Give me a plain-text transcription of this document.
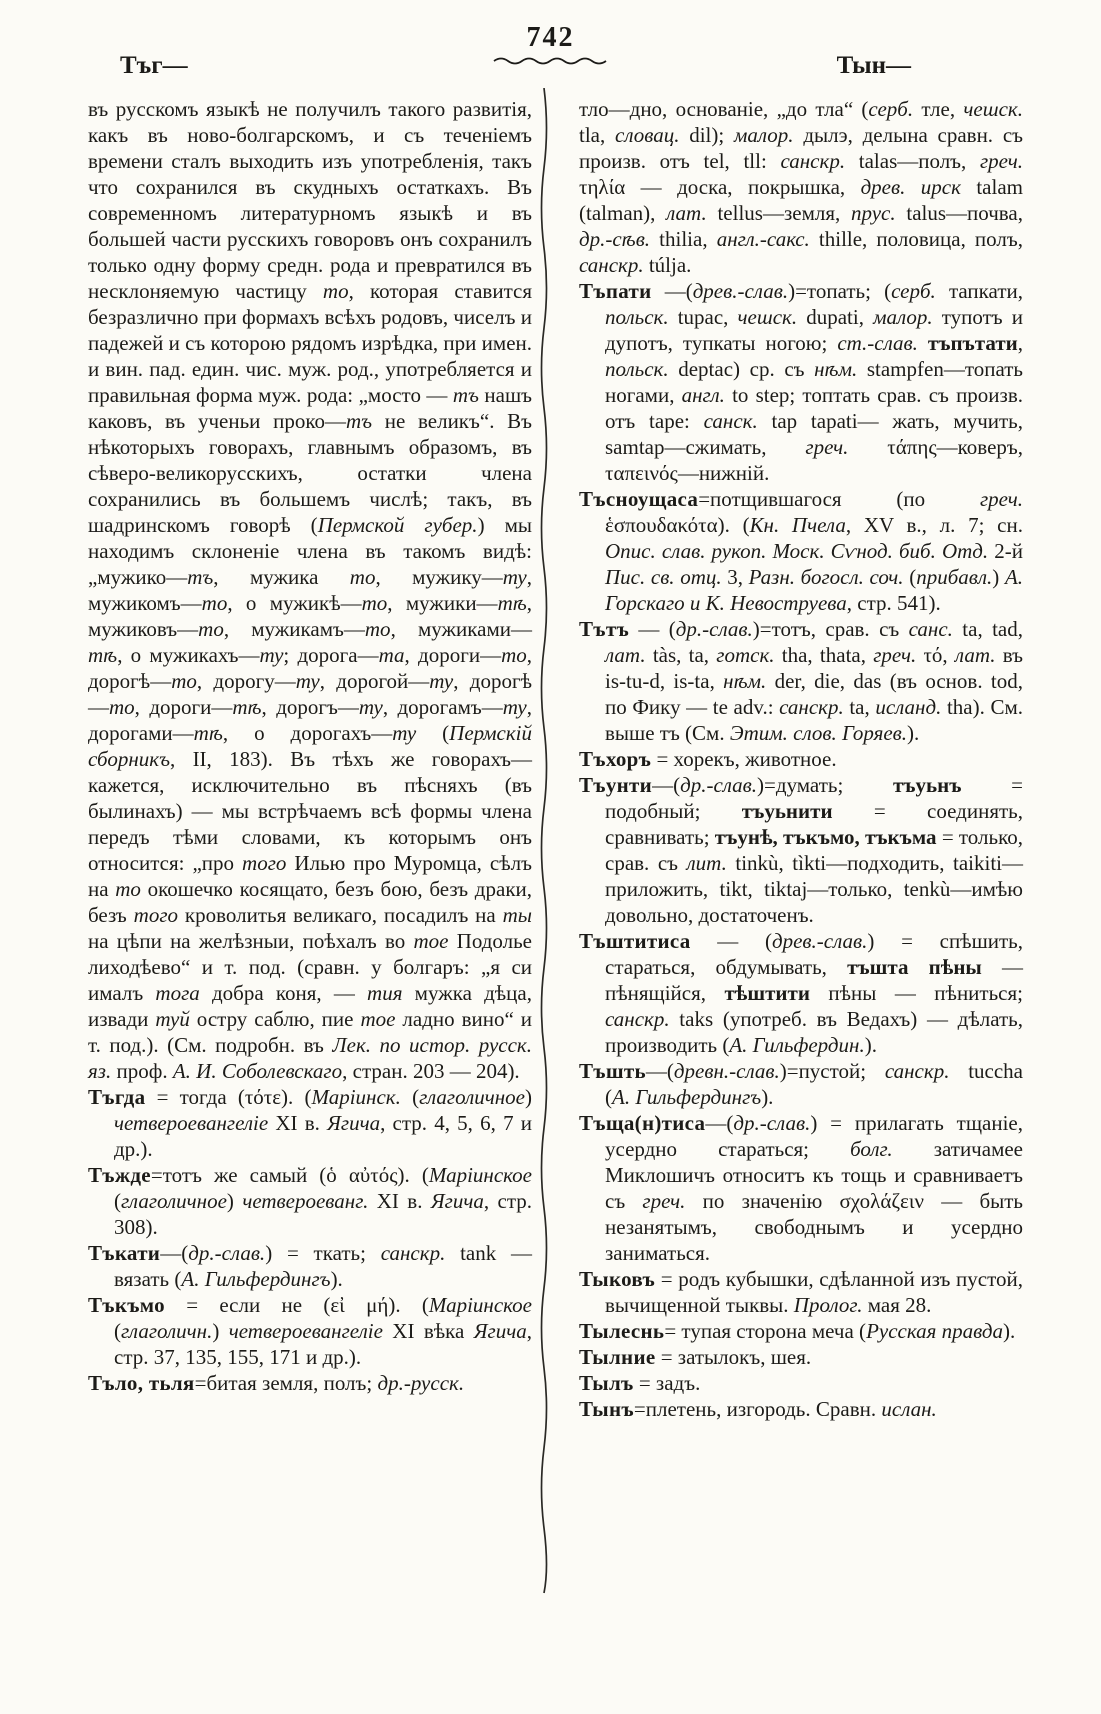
742
Тъг—	Тын—

въ русскомъ языкѣ не получилъ такого развитія, какъ въ ново-болгарскомъ, и съ теченіемъ времени сталъ выходить изъ употребленія, такъ что сохранился въ скудныхъ остаткахъ. Въ современномъ литературномъ языкѣ и въ большей части русскихъ говоровъ онъ сохранилъ только одну форму средн. рода и превратился въ несклоняемую частицу то, которая ставится безразлично при формахъ всѣхъ родовъ, чиселъ и падежей и съ которою рядомъ изрѣдка, при имен. и вин. пад. един. чис. муж. род., употребляется и правильная форма муж. рода: „мосто — тъ нашъ каковъ, въ ученьи проко—тъ не великъ“. Въ нѣкоторыхъ говорахъ, главнымъ образомъ, въ сѣверо-великорусскихъ, остатки члена сохранились въ большемъ числѣ; такъ, въ шадринскомъ говорѣ (Пермской губер.) мы находимъ склоненіе члена въ такомъ видѣ: „мужико—тъ, мужика то, мужику—ту, мужикомъ—то, о мужикѣ—то, мужики—тѣ, мужиковъ—то, мужикамъ—то, мужиками—тѣ, о мужикахъ—ту; дорога—та, дороги—то, дорогѣ—то, дорогу—ту, дорогой—ту, дорогѣ—то, дороги—тѣ, дорогъ—ту, дорогамъ—ту, дорогами—тѣ, о дорогахъ—ту (Пермскій сборникъ, II, 183). Въ тѣхъ же говорахъ—кажется, исключительно въ пѣсняхъ (въ былинахъ) — мы встрѣчаемъ всѣ формы члена передъ тѣми словами, къ которымъ онъ относится: „про того Илью про Муромца, сѣлъ на то окошечко косящато, безъ бою, безъ драки, безъ того кроволитья великаго, посадилъ на ты на цѣпи на желѣзныи, поѣхалъ во тое Подолье лиходѣево“ и т. под. (сравн. у болгаръ: „я си ималъ тога добра коня, — тия мужка дѣца, извади туй остру саблю, пие тое ладно вино“ и т. под.). (См. подробн. въ Лек. по истор. русск. яз. проф. А. И. Соболевскаго, стран. 203 — 204).

Тъгда = тогда (τότε). (Маріинск. (глаголичное) четвероевангеліе XI в. Ягича, стр. 4, 5, 6, 7 и др.).

Тъжде=тотъ же самый (ὁ αὐτός). (Маріинское (глаголичное) четвероеванг. XI в. Ягича, стр. 308).

Тъкати—(др.-слав.) = ткать; санскр. tank —вязать (А. Гильфердингъ).

Тъкъмо = если не (εἰ μή). (Маріинское (глаголичн.) четвероевангеліе XI вѣка Ягича, стр. 37, 135, 155, 171 и др.).

Тъло, тьля=битая земля, полъ; др.-русск.

тло—дно, основаніе, „до тла“ (серб. тле, чешск. tla, словац. dil); малор. дылэ, делына сравн. съ произв. отъ tel, tll: санскр. talas—полъ, греч. τηλία — доска, покрышка, древ. ирск talam (talman), лат. tellus—земля, прус. talus—почва, др.-сѣв. thilia, англ.-сакс. thille, половица, полъ, санскр. túlja.

Тъпати —(древ.-слав.)=топать; (серб. тапкати, польск. tupac, чешск. dupati, малор. тупотъ и дупотъ, тупкаты ногою; ст.-слав. тъпътати, польск. deptac) ср. съ нѣм. stampfen—топать ногами, англ. to step; топтать срав. съ произв. отъ tape: санск. tap tapati— жать, мучить, samtap—сжимать, греч. τάπης—коверъ, ταπεινός—нижній.

Тъсноущаса=потщившагося (по греч. ἑσπουδακότα). (Кн. Пчела, XV в., л. 7; сн. Опис. слав. рукоп. Моск. Сѵнод. биб. Отд. 2-й Пис. св. отц. 3, Разн. богосл. соч. (прибавл.) А. Горскаго и К. Невоструева, стр. 541).

Тътъ — (др.-слав.)=тотъ, срав. съ санс. ta, tad, лат. tàs, ta, готск. tha, thata, греч. τό, лат. въ is-tu-d, is-ta, нѣм. der, die, das (въ основ. tod, по Фику — te adv.: санскр. ta, исланд. tha). См. выше тъ (См. Этим. слов. Горяев.).

Тъхоръ = хорекъ, животное.

Тъунти—(др.-слав.)=думать; тъуьнъ = подобный; тъуьнити = соединять, сравнивать; тъунѣ, тъкъмо, тъкъма = только, срав. съ лит. tinkù, tìkti—подходить, taikiti—приложить, tikt, tiktaj—только, tenkù—имѣю довольно, достаточенъ.

Тъштитиса — (древ.-слав.) = спѣшить, стараться, обдумывать, тъшта пѣны — пѣнящійся, тѣштити пѣны — пѣниться; санскр. taks (употреб. въ Ведахъ) — дѣлать, производить (А. Гильфердин.).

Тъшть—(древн.-слав.)=пустой; санскр. tuccha (А. Гильфердингъ).

Тъща(н)тиса—(др.-слав.) = прилагать тщаніе, усердно стараться; болг. затичамее Миклошичъ относитъ къ тощь и сравниваетъ съ греч. по значенію σχολάζειν — быть незанятымъ, свободнымъ и усердно заниматься.

Тыковъ = родъ кубышки, сдѣланной изъ пустой, вычищенной тыквы. Пролог. мая 28.

Тылеснь= тупая сторона меча (Русская правда).

Тылние = затылокъ, шея.

Тылъ = задъ.

Тынъ=плетень, изгородь. Сравн. ислан.
